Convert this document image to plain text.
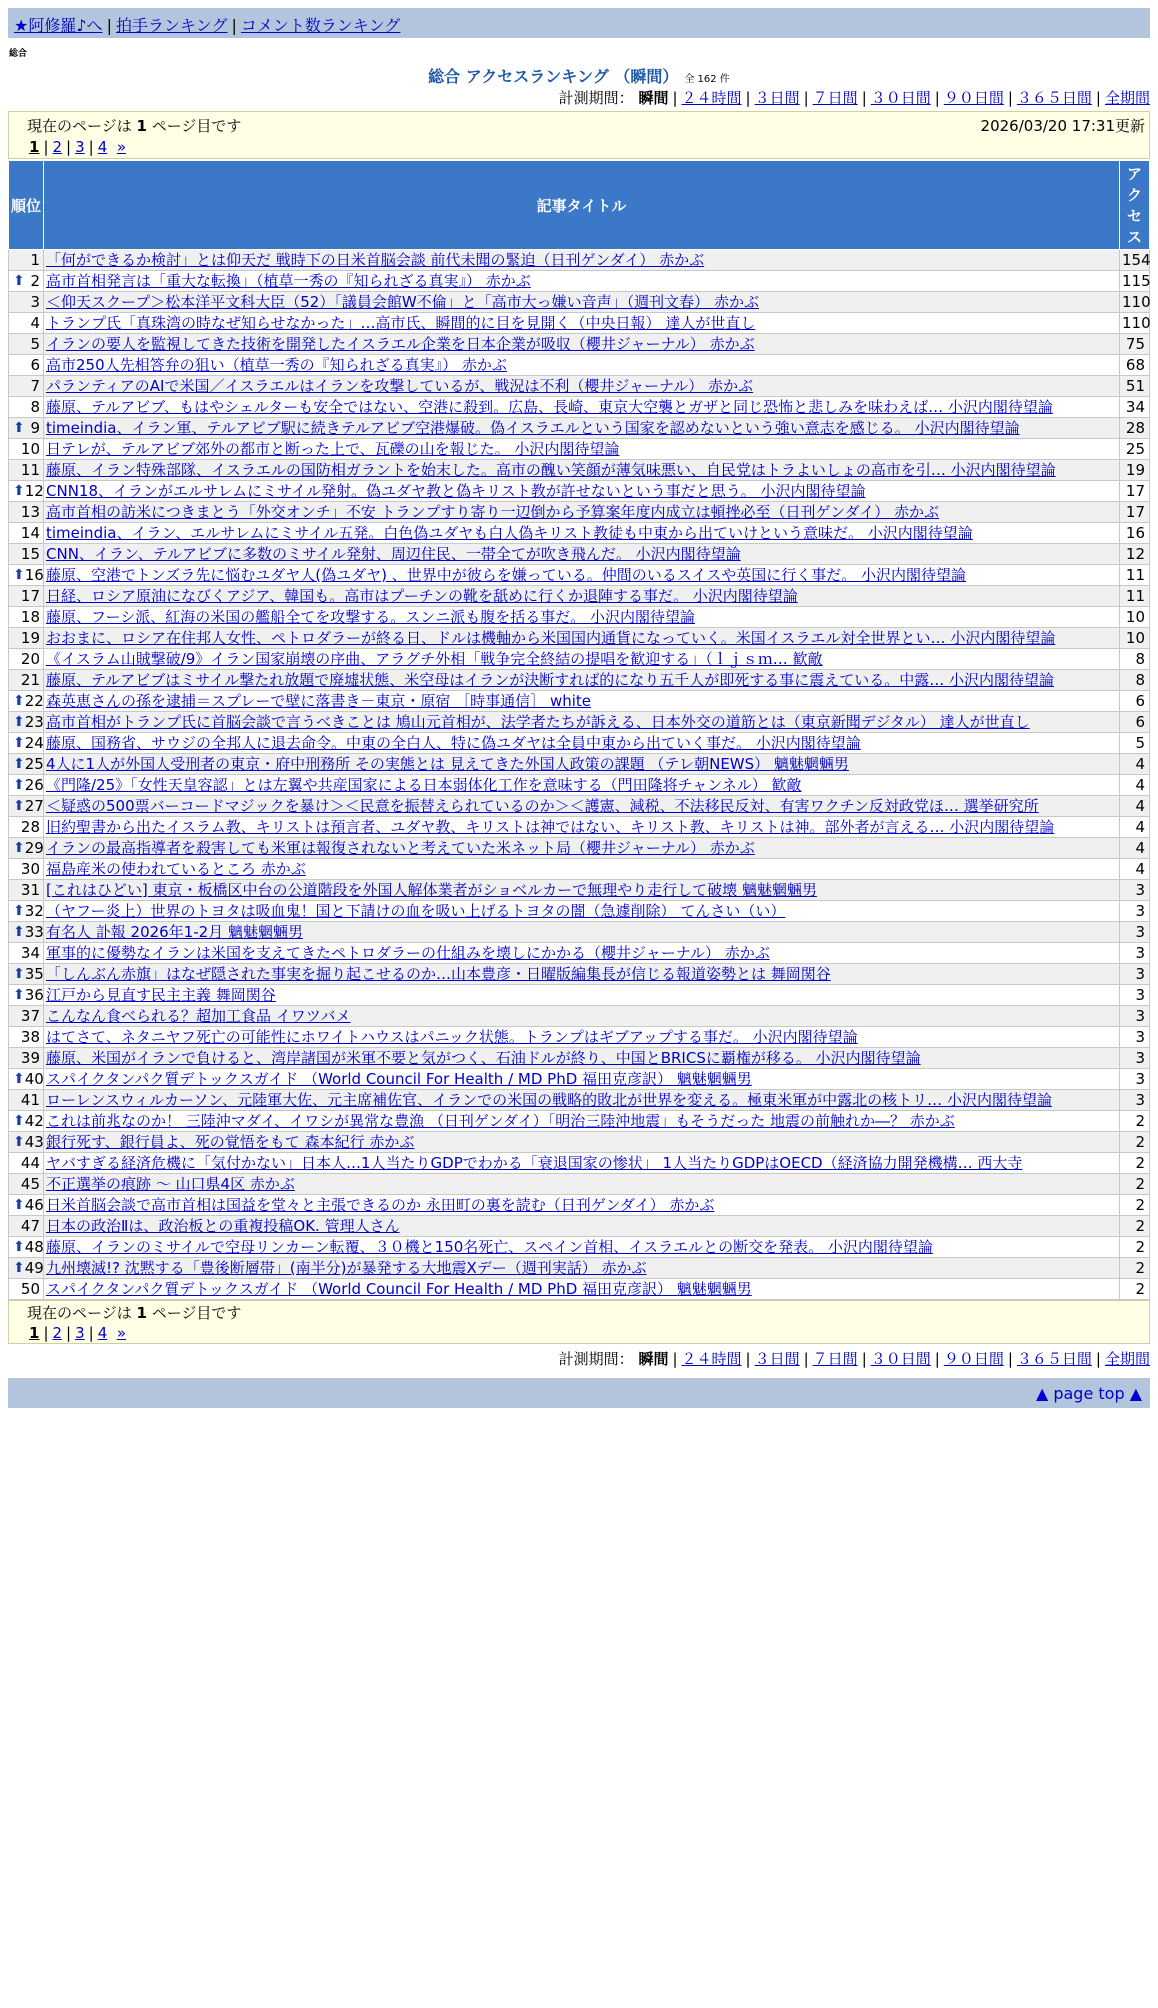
★阿修羅♪へ | 拍手ランキング | コメント数ランキング
総合
総合 アクセスランキング （瞬間） 全 162 件
計測期間： 瞬間 | ２４時間 | ３日間 | ７日間 | ３０日間 | ９０日間 | ３６５日間 | 全期間
現在のページは 1 ページ目です	2026/03/20 17:31更新
1 | 2 | 3 | 4 »
順位	記事タイトル	アクセス
1	「何ができるか検討」とは仰天だ 戦時下の日米首脳会談 前代未聞の緊迫（日刊ゲンダイ） 赤かぶ	154

⬆ 2	高市首相発言は「重大な転換」（植草一秀の『知られざる真実』） 赤かぶ	115
3	＜仰天スクープ＞松本洋平文科大臣（52）「議員会館W不倫」と「高市大っ嫌い音声」（週刊文春） 赤かぶ	110
4	トランプ氏「真珠湾の時なぜ知らせなかった」…高市氏、瞬間的に目を見開く（中央日報） 達人が世直し	110
5	イランの要人を監視してきた技術を開発したイスラエル企業を日本企業が吸収（櫻井ジャーナル） 赤かぶ	75
6	高市250人先相答弁の狙い（植草一秀の『知られざる真実』） 赤かぶ	68
7	パランティアのAIで米国／イスラエルはイランを攻撃しているが、戦況は不利（櫻井ジャーナル） 赤かぶ	51
8	藤原、テルアビブ、もはやシェルターも安全ではない、空港に殺到。広島、長崎、東京大空襲とガザと同じ恐怖と悲しみを味わえば… 小沢内閣待望論	34

⬆ 9	timeindia、イラン軍、テルアビブ駅に続きテルアビブ空港爆破。偽イスラエルという国家を認めないという強い意志を感じる。 小沢内閣待望論	28
10	日テレが、テルアビブ郊外の都市と断った上で、瓦礫の山を報じた。 小沢内閣待望論	25
11	藤原、イラン特殊部隊、イスラエルの国防相ガラントを始末した。高市の醜い笑顔が薄気味悪い、自民党はトラよいしょの高市を引… 小沢内閣待望論	19

⬆ 12	CNN18、イランがエルサレムにミサイル発射。偽ユダヤ教と偽キリスト教が許せないという事だと思う。 小沢内閣待望論	17
13	高市首相の訪米につきまとう「外交オンチ」不安 トランプすり寄り一辺倒から予算案年度内成立は頓挫必至（日刊ゲンダイ） 赤かぶ	17
14	timeindia、イラン、エルサレムにミサイル五発。白色偽ユダヤも白人偽キリスト教徒も中東から出ていけという意味だ。 小沢内閣待望論	16
15	CNN、イラン、テルアビブに多数のミサイル発射、周辺住民、一帯全てが吹き飛んだ。 小沢内閣待望論	12

⬆ 16	藤原、空港でトンズラ先に悩むユダヤ人(偽ユダヤ) 、世界中が彼らを嫌っている。仲間のいるスイスや英国に行く事だ。 小沢内閣待望論	11
17	日経、ロシア原油になびくアジア、韓国も。高市はプーチンの靴を舐めに行くか退陣する事だ。 小沢内閣待望論	11
18	藤原、フーシ派、紅海の米国の艦船全てを攻撃する。スンニ派も腹を括る事だ。 小沢内閣待望論	10
19	おおまに、ロシア在住邦人女性、ペトロダラーが終る日、ドルは機軸から米国国内通貨になっていく。米国イスラエル対全世界とい… 小沢内閣待望論	10
20	《イスラム山賊撃破/9》イラン国家崩壊の序曲、アラグチ外相「戦争完全終結の提唱を歓迎する」（ｌｊｓｍ… 歓敵	8
21	藤原、テルアビブはミサイル撃たれ放題で廃墟状態、米空母はイランが決断すれば的になり五千人が即死する事に震えている。中露… 小沢内閣待望論	8

⬆ 22	森英恵さんの孫を逮捕＝スプレーで壁に落書き－東京・原宿 ［時事通信］ white	6

⬆ 23	高市首相がトランプ氏に首脳会談で言うべきことは 鳩山元首相が、法学者たちが訴える、日本外交の道筋とは（東京新聞デジタル） 達人が世直し	6

⬆ 24	藤原、国務省、サウジの全邦人に退去命令。中東の全白人、特に偽ユダヤは全員中東から出ていく事だ。 小沢内閣待望論	5

⬆ 25	4人に1人が外国人受刑者の東京・府中刑務所 その実態とは 見えてきた外国人政策の課題 （テレ朝NEWS） 魑魅魍魎男	4

⬆ 26	《門隆/25》「女性天皇容認」とは左翼や共産国家による日本弱体化工作を意味する（門田隆将チャンネル） 歓敵	4

⬆ 27	＜疑惑の500票バーコードマジックを暴け＞＜民意を振替えられているのか＞＜護憲、減税、不法移民反対、有害ワクチン反対政党ほ… 選挙研究所	4
28	旧約聖書から出たイスラム教、キリストは預言者、ユダヤ教、キリストは神ではない、キリスト教、キリストは神。部外者が言える… 小沢内閣待望論	4

⬆ 29	イランの最高指導者を殺害しても米軍は報復されないと考えていた米ネット局（櫻井ジャーナル） 赤かぶ	4
30	福島産米の使われているところ 赤かぶ	4
31	[これはひどい] 東京・板橋区中台の公道階段を外国人解体業者がショベルカーで無理やり走行して破壊 魑魅魍魎男	3

⬆ 32	（ヤフー炎上）世界のトヨタは吸血鬼！国と下請けの血を吸い上げるトヨタの闇（急遽削除） てんさい（い）	3

⬆ 33	有名人 訃報 2026年1-2月 魑魅魍魎男	3
34	軍事的に優勢なイランは米国を支えてきたペトロダラーの仕組みを壊しにかかる（櫻井ジャーナル） 赤かぶ	3

⬆ 35	「しんぶん赤旗」はなぜ隠された事実を掘り起こせるのか…山本豊彦・日曜版編集長が信じる報道姿勢とは 舞岡関谷	3

⬆ 36	江戸から見直す民主主義 舞岡関谷	3
37	こんなん食べられる？超加工食品 イワツバメ	3
38	はてさて、ネタニヤフ死亡の可能性にホワイトハウスはパニック状態。トランプはギブアップする事だ。 小沢内閣待望論	3
39	藤原、米国がイランで負けると、湾岸諸国が米軍不要と気がつく、石油ドルが終り、中国とBRICSに覇権が移る。 小沢内閣待望論	3

⬆ 40	スパイクタンパク質デトックスガイド （World Council For Health / MD PhD 福田克彦訳） 魑魅魍魎男	3
41	ローレンスウィルカーソン、元陸軍大佐、元主席補佐官、イランでの米国の戦略的敗北が世界を変える。極東米軍が中露北の核トリ… 小沢内閣待望論	3

⬆ 42	これは前兆なのか！ 三陸沖マダイ、イワシが異常な豊漁 （日刊ゲンダイ）「明治三陸沖地震」もそうだった 地震の前触れか―？ 赤かぶ	2

⬆ 43	銀行死す、銀行員よ、死の覚悟をもて 森本紀行 赤かぶ	2
44	ヤバすぎる経済危機に「気付かない」日本人…1人当たりGDPでわかる「衰退国家の惨状」 1人当たりGDPはOECD（経済協力開発機構… 西大寺	2
45	不正選挙の痕跡 ～ 山口県4区 赤かぶ	2

⬆ 46	日米首脳会談で高市首相は国益を堂々と主張できるのか 永田町の裏を読む（日刊ゲンダイ） 赤かぶ	2
47	日本の政治Ⅱは、政治板との重複投稿OK. 管理人さん	2

⬆ 48	藤原、イランのミサイルで空母リンカーン転覆、３０機と150名死亡、スペイン首相、イスラエルとの断交を発表。 小沢内閣待望論	2

⬆ 49	九州壊滅!? 沈黙する「豊後断層帯」(南半分)が暴発する大地震Xデー（週刊実話） 赤かぶ	2
50	スパイクタンパク質デトックスガイド （World Council For Health / MD PhD 福田克彦訳） 魑魅魍魎男	2
計測期間： 瞬間 | ２４時間 | ３日間 | ７日間 | ３０日間 | ９０日間 | ３６５日間 | 全期間
現在のページは 1 ページ目です
1 | 2 | 3 | 4 »
▲ page top ▲
